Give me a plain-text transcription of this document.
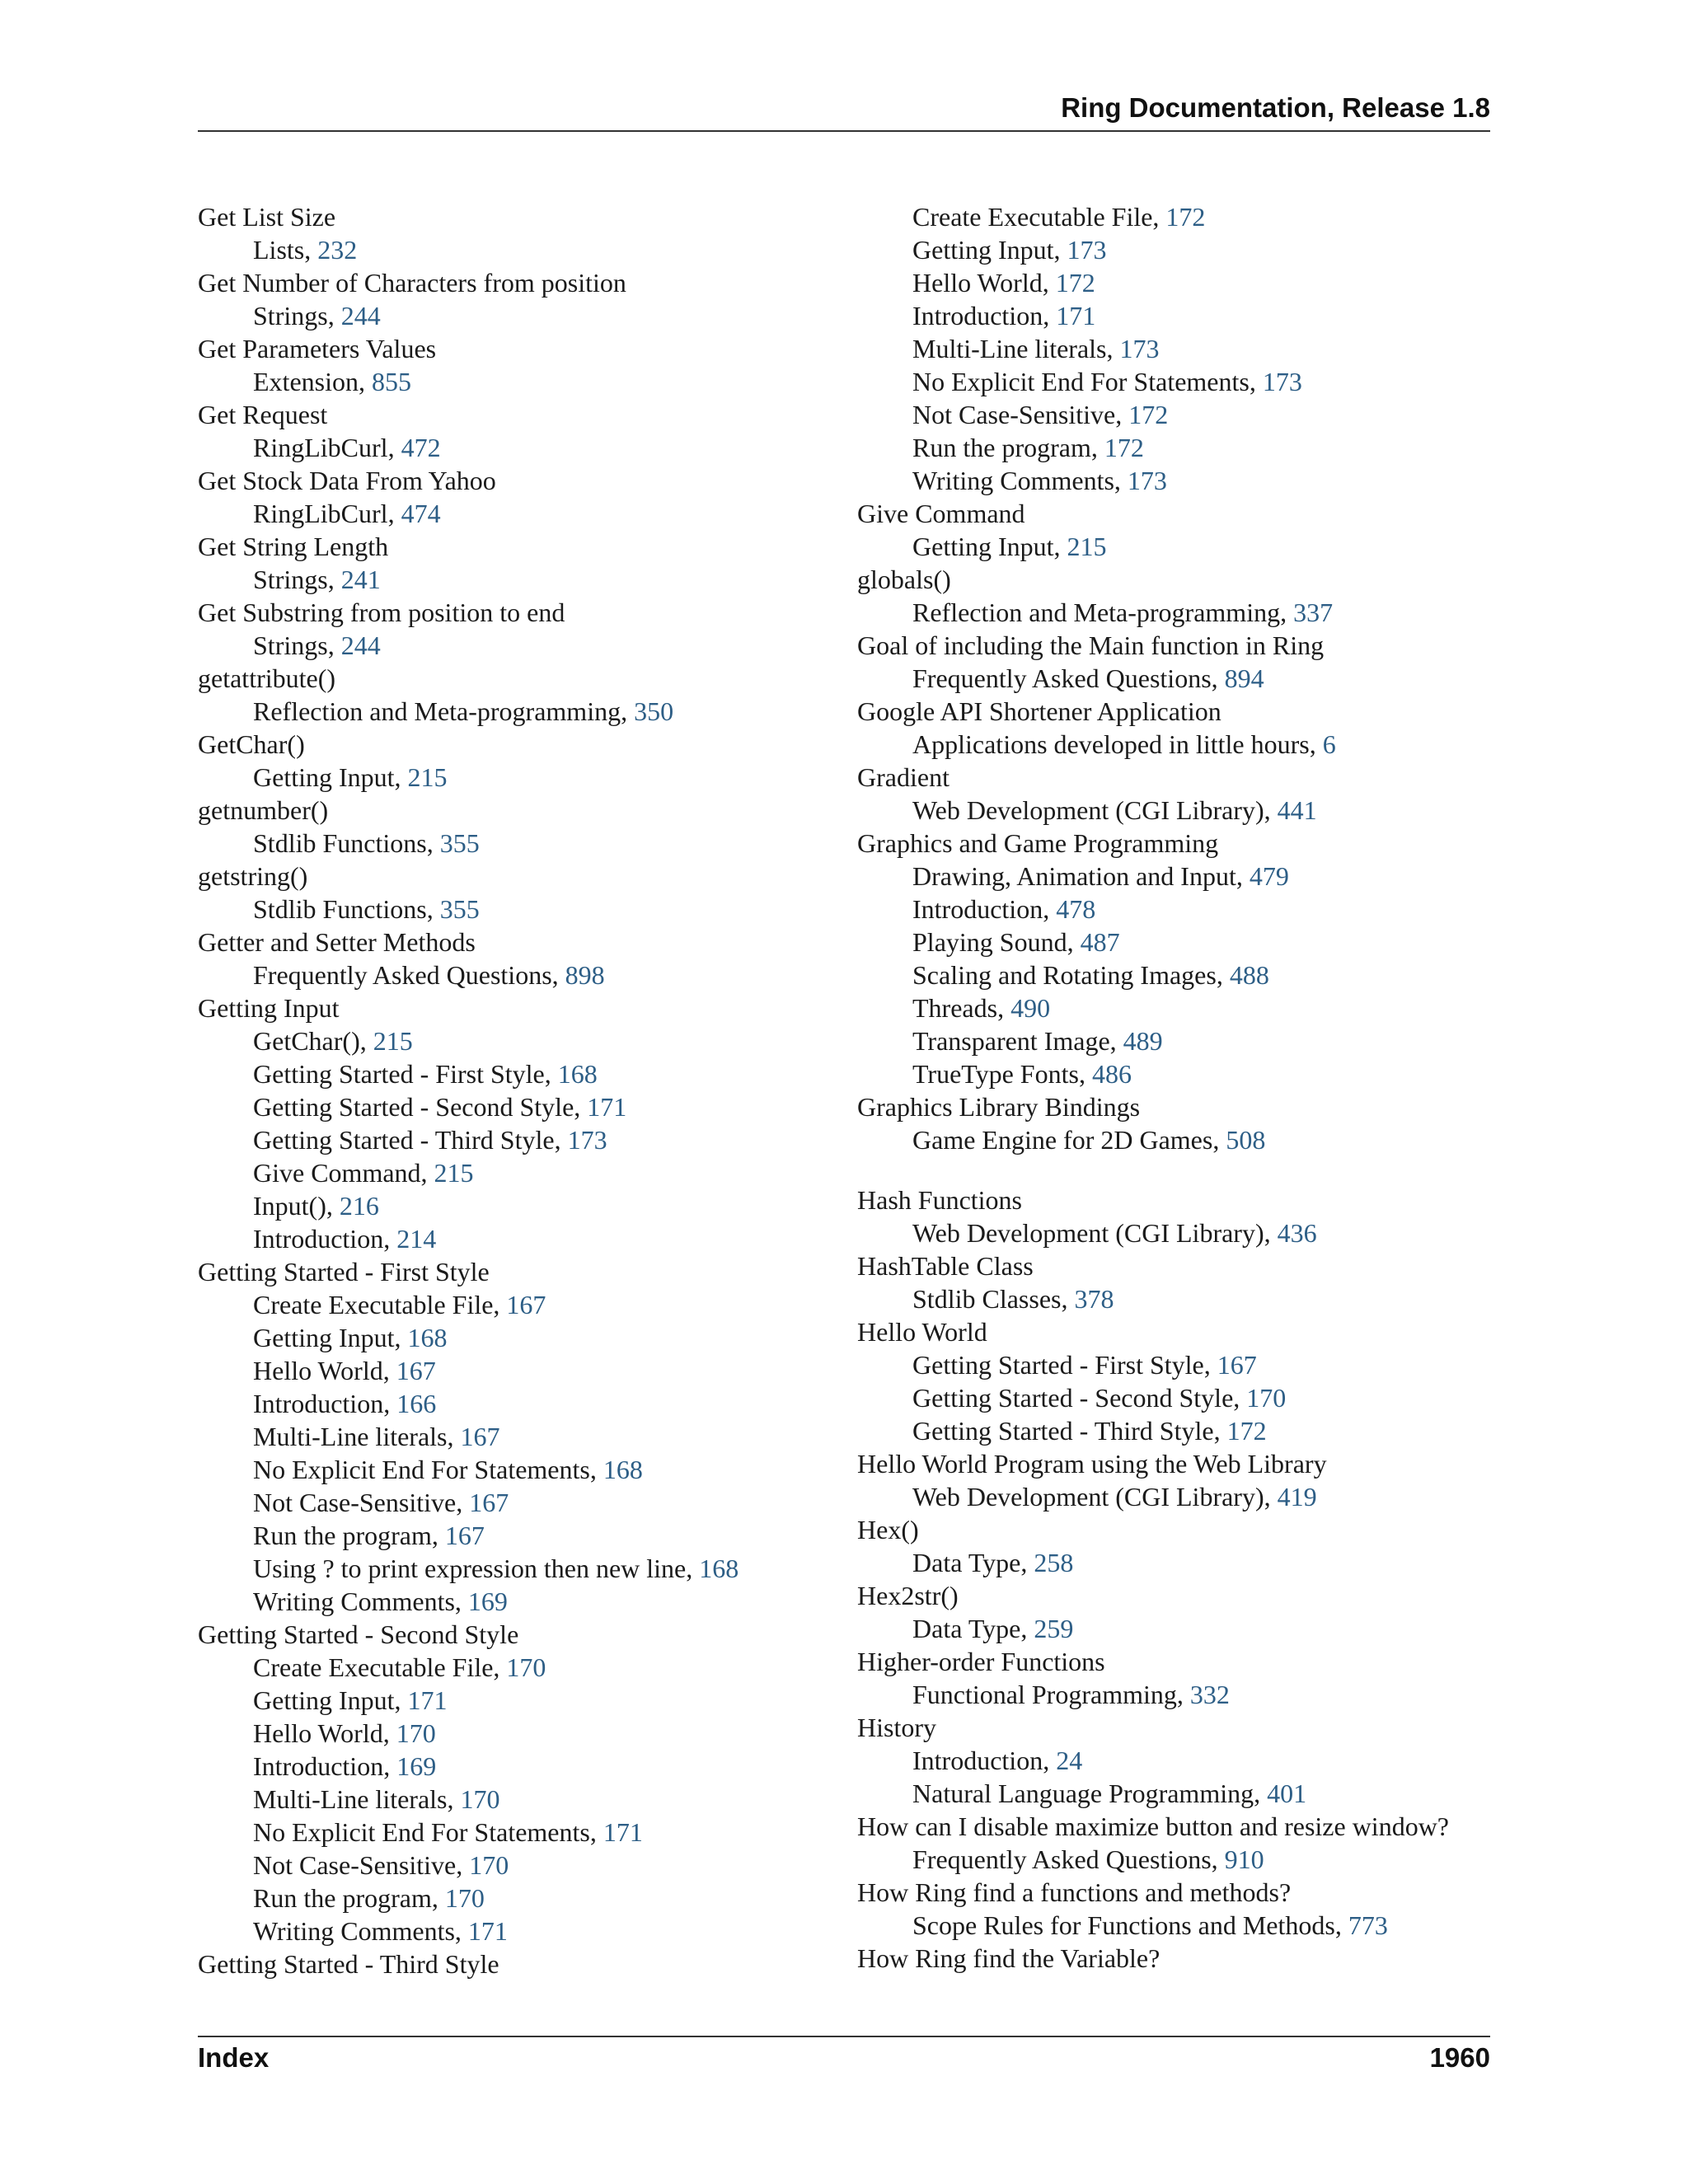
Ring Documentation, Release 1.8
Get List Size
Lists, 232
Get Number of Characters from position
Strings, 244
Get Parameters Values
Extension, 855
Get Request
RingLibCurl, 472
Get Stock Data From Yahoo
RingLibCurl, 474
Get String Length
Strings, 241
Get Substring from position to end
Strings, 244
getattribute()
Reflection and Meta-programming, 350
GetChar()
Getting Input, 215
getnumber()
Stdlib Functions, 355
getstring()
Stdlib Functions, 355
Getter and Setter Methods
Frequently Asked Questions, 898
Getting Input
GetChar(), 215
Getting Started - First Style, 168
Getting Started - Second Style, 171
Getting Started - Third Style, 173
Give Command, 215
Input(), 216
Introduction, 214
Getting Started - First Style
Create Executable File, 167
Getting Input, 168
Hello World, 167
Introduction, 166
Multi-Line literals, 167
No Explicit End For Statements, 168
Not Case-Sensitive, 167
Run the program, 167
Using ? to print expression then new line, 168
Writing Comments, 169
Getting Started - Second Style
Create Executable File, 170
Getting Input, 171
Hello World, 170
Introduction, 169
Multi-Line literals, 170
No Explicit End For Statements, 171
Not Case-Sensitive, 170
Run the program, 170
Writing Comments, 171
Getting Started - Third Style
Create Executable File, 172
Getting Input, 173
Hello World, 172
Introduction, 171
Multi-Line literals, 173
No Explicit End For Statements, 173
Not Case-Sensitive, 172
Run the program, 172
Writing Comments, 173
Give Command
Getting Input, 215
globals()
Reflection and Meta-programming, 337
Goal of including the Main function in Ring
Frequently Asked Questions, 894
Google API Shortener Application
Applications developed in little hours, 6
Gradient
Web Development (CGI Library), 441
Graphics and Game Programming
Drawing, Animation and Input, 479
Introduction, 478
Playing Sound, 487
Scaling and Rotating Images, 488
Threads, 490
Transparent Image, 489
TrueType Fonts, 486
Graphics Library Bindings
Game Engine for 2D Games, 508
Hash Functions
Web Development (CGI Library), 436
HashTable Class
Stdlib Classes, 378
Hello World
Getting Started - First Style, 167
Getting Started - Second Style, 170
Getting Started - Third Style, 172
Hello World Program using the Web Library
Web Development (CGI Library), 419
Hex()
Data Type, 258
Hex2str()
Data Type, 259
Higher-order Functions
Functional Programming, 332
History
Introduction, 24
Natural Language Programming, 401
How can I disable maximize button and resize window?
Frequently Asked Questions, 910
How Ring find a functions and methods?
Scope Rules for Functions and Methods, 773
How Ring find the Variable?
Index	1960
